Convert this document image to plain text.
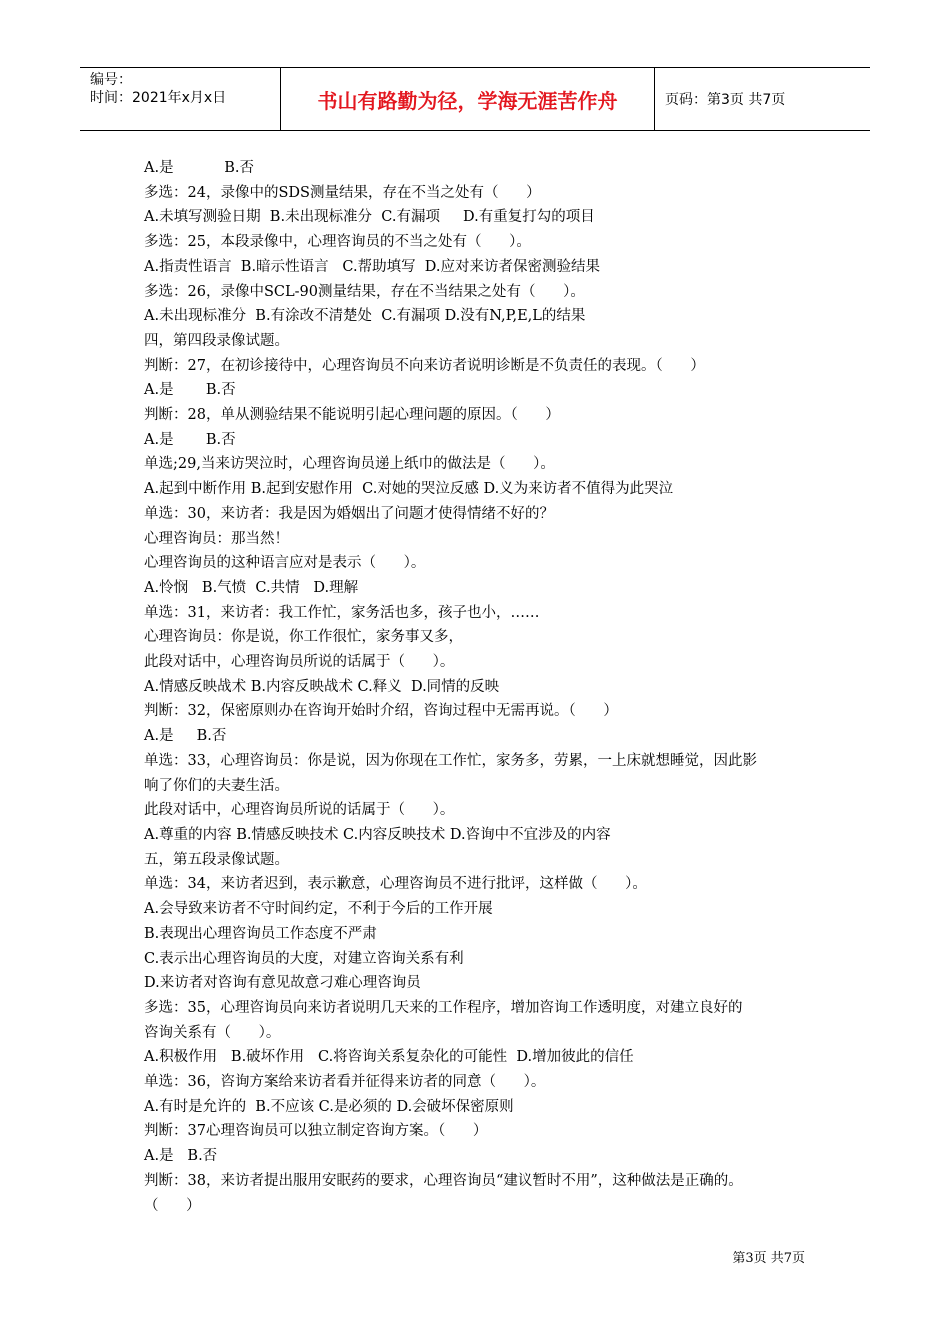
编号：
时间：2021年x月x日	书山有路勤为径，学海无涯苦作舟	页码：第3页 共7页
A.是           B.否
多选：24，录像中的SDS测量结果，存在不当之处有（      ）
A.未填写测验日期  B.未出现标准分  C.有漏项     D.有重复打勾的项目
多选：25，本段录像中，心理咨询员的不当之处有（      ）。
A.指责性语言  B.暗示性语言   C.帮助填写  D.应对来访者保密测验结果
多选：26，录像中SCL-90测量结果，存在不当结果之处有（      ）。
A.未出现标准分  B.有涂改不清楚处  C.有漏项 D.没有N,P,E,L的结果
四，第四段录像试题。
判断：27，在初诊接待中，心理咨询员不向来访者说明诊断是不负责任的表现。（      ）
A.是       B.否
判断：28，单从测验结果不能说明引起心理问题的原因。（      ）
A.是       B.否
单选;29,当来访哭泣时，心理咨询员递上纸巾的做法是（      ）。
A.起到中断作用 B.起到安慰作用  C.对她的哭泣反感 D.义为来访者不值得为此哭泣
单选：30，来访者：我是因为婚姻出了问题才使得情绪不好的？
心理咨询员：那当然！
心理咨询员的这种语言应对是表示（      ）。
A.怜悯   B.气愤  C.共情   D.理解
单选：31，来访者：我工作忙，家务活也多，孩子也小，……
心理咨询员：你是说，你工作很忙，家务事又多，
此段对话中，心理咨询员所说的话属于（      ）。
A.情感反映战术 B.内容反映战术 C.释义  D.同情的反映
判断：32，保密原则办在咨询开始时介绍，咨询过程中无需再说。（      ）
A.是     B.否
单选：33，心理咨询员：你是说，因为你现在工作忙，家务多，劳累，一上床就想睡觉，因此影
响了你们的夫妻生活。
此段对话中，心理咨询员所说的话属于（      ）。
A.尊重的内容 B.情感反映技术 C.内容反映技术 D.咨询中不宜涉及的内容
五，第五段录像试题。
单选：34，来访者迟到，表示歉意，心理咨询员不进行批评，这样做（      ）。
A.会导致来访者不守时间约定，不利于今后的工作开展
B.表现出心理咨询员工作态度不严肃
C.表示出心理咨询员的大度，对建立咨询关系有利
D.来访者对咨询有意见故意刁难心理咨询员
多选：35，心理咨询员向来访者说明几天来的工作程序，增加咨询工作透明度，对建立良好的
咨询关系有（      ）。
A.积极作用   B.破坏作用   C.将咨询关系复杂化的可能性  D.增加彼此的信任
单选：36，咨询方案给来访者看并征得来访者的同意（      ）。
A.有时是允许的  B.不应该 C.是必须的 D.会破坏保密原则
判断：37心理咨询员可以独立制定咨询方案。（      ）
A.是   B.否
判断：38，来访者提出服用安眠药的要求，心理咨询员“建议暂时不用”，这种做法是正确的。
（      ）
第3页 共7页
